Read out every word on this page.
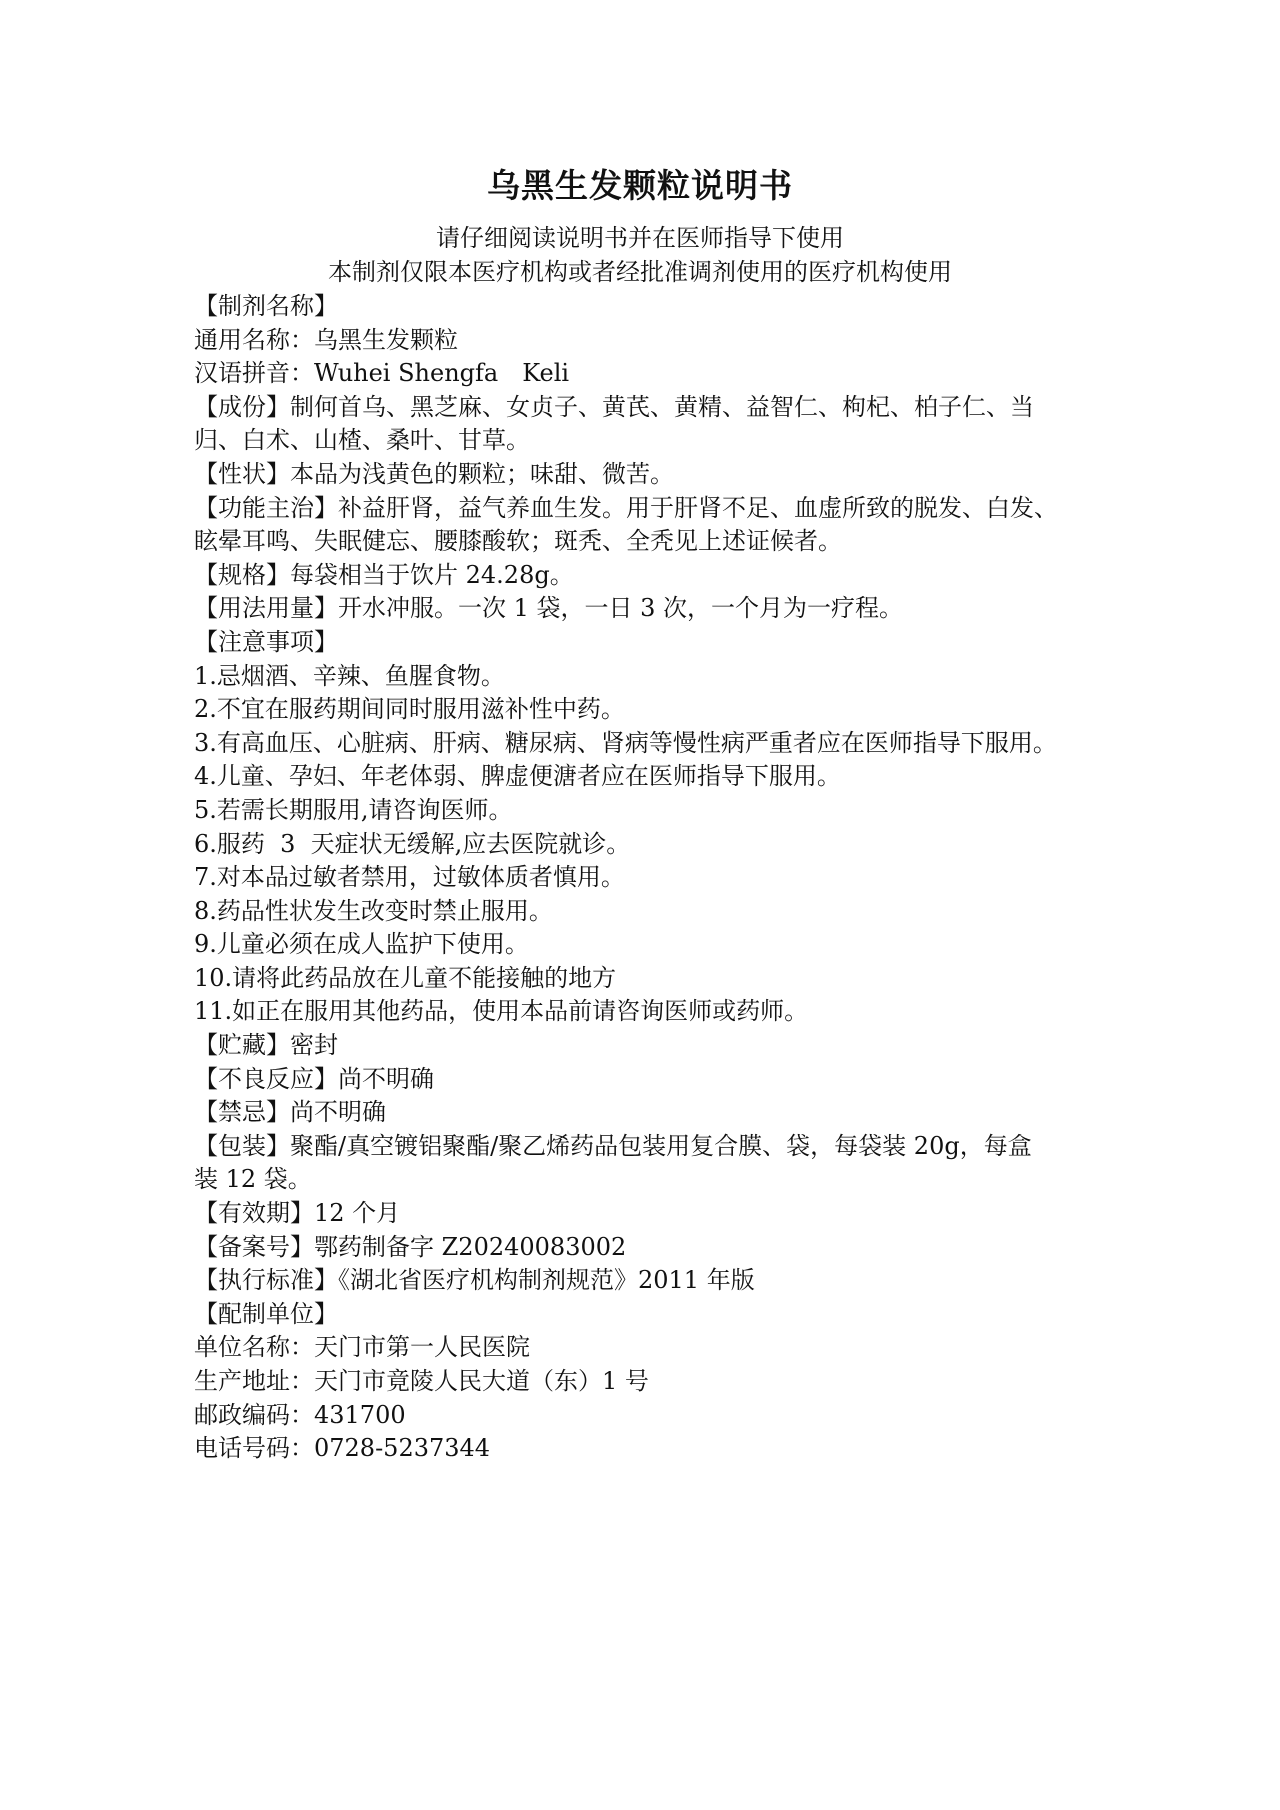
乌黑生发颗粒说明书
请仔细阅读说明书并在医师指导下使用
本制剂仅限本医疗机构或者经批准调剂使用的医疗机构使用
【制剂名称】
通用名称：乌黑生发颗粒
汉语拼音：Wuhei Shengfa　Keli
【成份】制何首乌、黑芝麻、女贞子、黄芪、黄精、益智仁、枸杞、柏子仁、当
归、白术、山楂、桑叶、甘草。
【性状】本品为浅黄色的颗粒；味甜、微苦。
【功能主治】补益肝肾，益气养血生发。用于肝肾不足、血虚所致的脱发、白发、
眩晕耳鸣、失眠健忘、腰膝酸软；斑秃、全秃见上述证候者。
【规格】每袋相当于饮片 24.28g。
【用法用量】开水冲服。一次 1 袋，一日 3 次，一个月为一疗程。
【注意事项】
1.忌烟酒、辛辣、鱼腥食物。
2.不宜在服药期间同时服用滋补性中药。
3.有高血压、心脏病、肝病、糖尿病、肾病等慢性病严重者应在医师指导下服用。
4.儿童、孕妇、年老体弱、脾虚便溏者应在医师指导下服用。
5.若需长期服用,请咨询医师。
6.服药  3  天症状无缓解,应去医院就诊。
7.对本品过敏者禁用，过敏体质者慎用。
8.药品性状发生改变时禁止服用。
9.儿童必须在成人监护下使用。
10.请将此药品放在儿童不能接触的地方
11.如正在服用其他药品，使用本品前请咨询医师或药师。
【贮藏】密封
【不良反应】尚不明确
【禁忌】尚不明确
【包装】聚酯/真空镀铝聚酯/聚乙烯药品包装用复合膜、袋，每袋装 20g，每盒
装 12 袋。
【有效期】12 个月
【备案号】鄂药制备字 Z20240083002
【执行标准】《湖北省医疗机构制剂规范》2011 年版
【配制单位】
单位名称：天门市第一人民医院
生产地址：天门市竟陵人民大道（东）1 号
邮政编码：431700
电话号码：0728-5237344
